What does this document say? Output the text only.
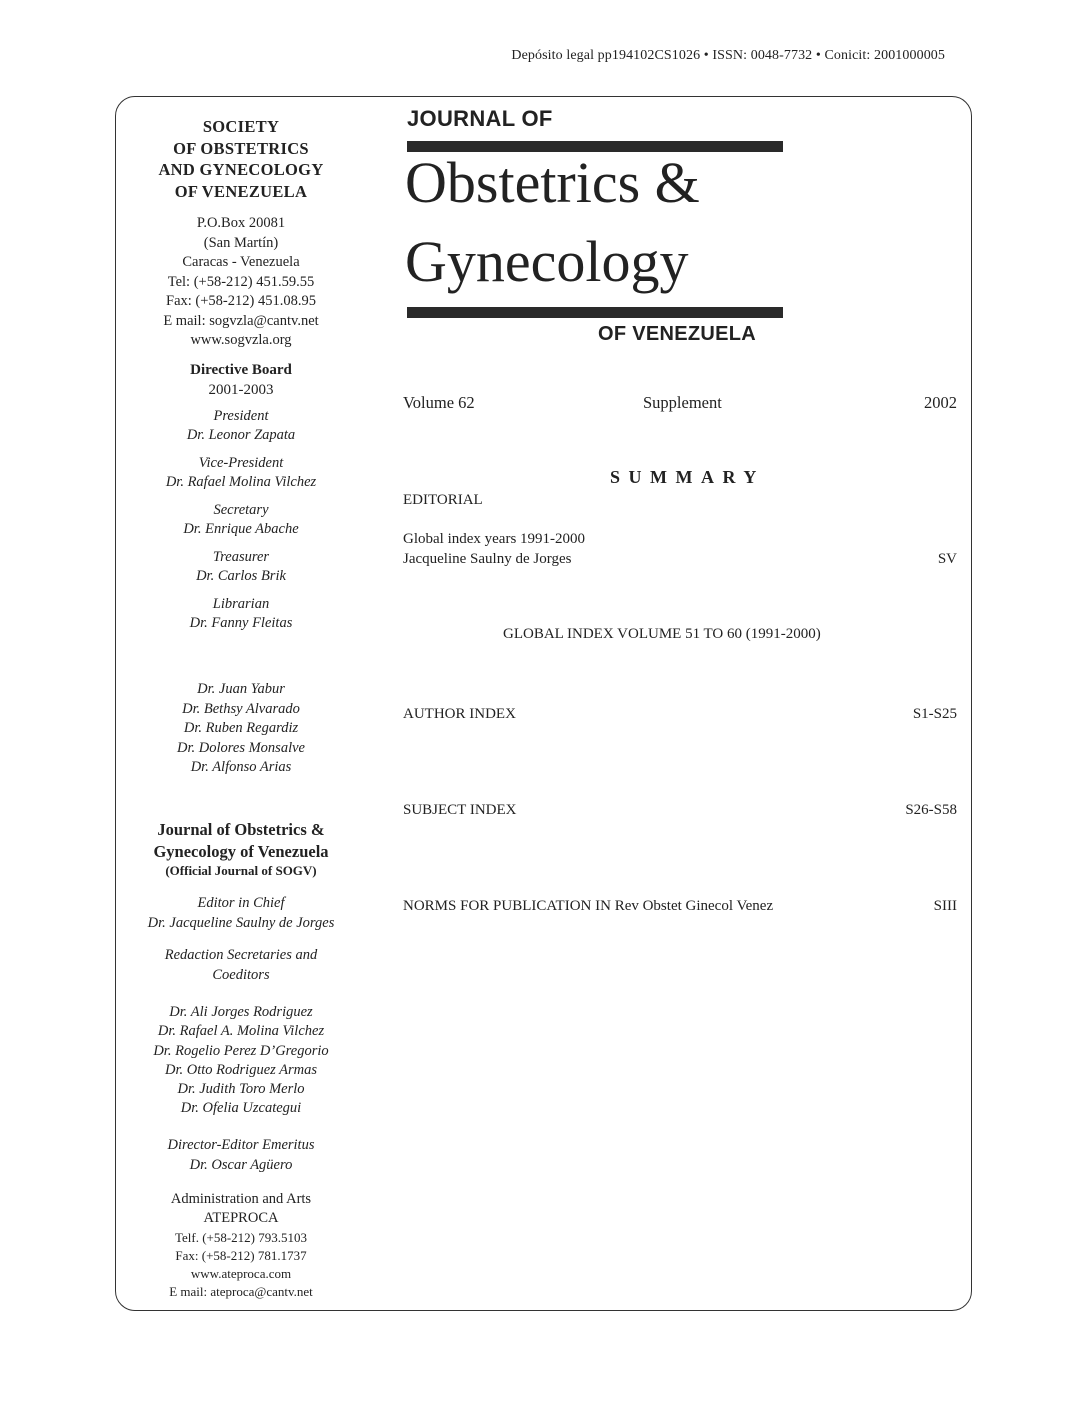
Depósito legal pp194102CS1026 • ISSN: 0048-7732 • Conicit: 2001000005
SOCIETY
OF OBSTETRICS
AND GYNECOLOGY
OF VENEZUELA
P.O.Box 20081
(San Martín)
Caracas - Venezuela
Tel: (+58-212) 451.59.55
Fax: (+58-212) 451.08.95
E mail: sogvzla@cantv.net
www.sogvzla.org
Directive Board
2001-2003
President
Dr. Leonor Zapata
Vice-President
Dr. Rafael Molina Vilchez
Secretary
Dr. Enrique Abache
Treasurer
Dr. Carlos Brik
Librarian
Dr. Fanny Fleitas
Dr. Juan Yabur
Dr. Bethsy Alvarado
Dr. Ruben Regardiz
Dr. Dolores Monsalve
Dr. Alfonso Arias
Journal of Obstetrics &
Gynecology of Venezuela
(Official Journal of SOGV)
Editor in Chief
Dr. Jacqueline Saulny de Jorges
Redaction Secretaries and
Coeditors
Dr. Ali Jorges Rodriguez
Dr. Rafael A. Molina Vilchez
Dr. Rogelio Perez D’Gregorio
Dr. Otto Rodriguez Armas
Dr. Judith Toro Merlo
Dr. Ofelia Uzcategui
Director-Editor Emeritus
Dr. Oscar Agüero
Administration and Arts
ATEPROCA
Telf. (+58-212) 793.5103
Fax: (+58-212) 781.1737
www.ateproca.com
E mail: ateproca@cantv.net
JOURNAL OF
Obstetrics &
Gynecology
OF VENEZUELA
Volume 62	Supplement	2002
SUMMARY
EDITORIAL
Global index years 1991-2000
Jacqueline Saulny de Jorges	SV
GLOBAL INDEX VOLUME 51 TO 60 (1991-2000)
AUTHOR INDEX	S1-S25
SUBJECT INDEX	S26-S58
NORMS FOR PUBLICATION IN Rev Obstet Ginecol Venez	SIII
